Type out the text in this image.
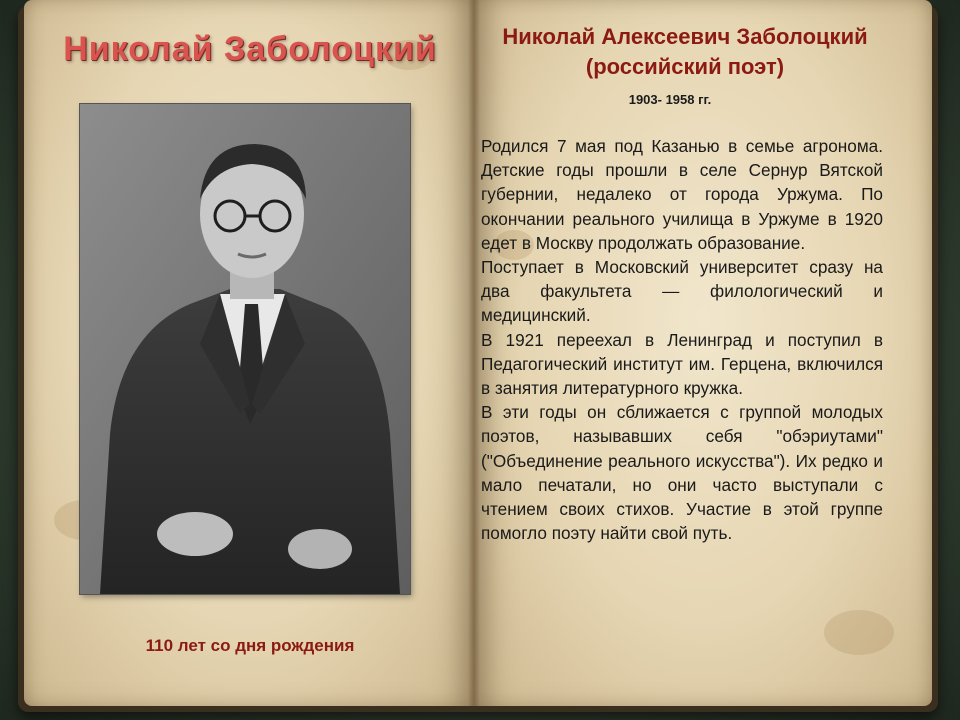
Николай Заболоцкий
110 лет со дня рождения
Николай Алексеевич Заболоцкий
(российский поэт)
1903- 1958 гг.

Родился 7 мая под Казанью в семье агронома. Детские годы прошли в селе Сернур Вятской губернии, недалеко от города Уржума. По окончании реального училища в Уржуме в 1920 едет в Москву продолжать образование.

Поступает в Московский университет сразу на два факультета — филологический и медицинский.

В 1921 переехал в Ленинград и поступил в Педагогический институт им. Герцена, включился в занятия литературного кружка.

В эти годы он сближается с группой молодых поэтов, называвших себя "обэриутами" ("Объединение реального искусства"). Их редко и мало печатали, но они часто выступали с чтением своих стихов. Участие в этой группе помогло поэту найти свой путь.
